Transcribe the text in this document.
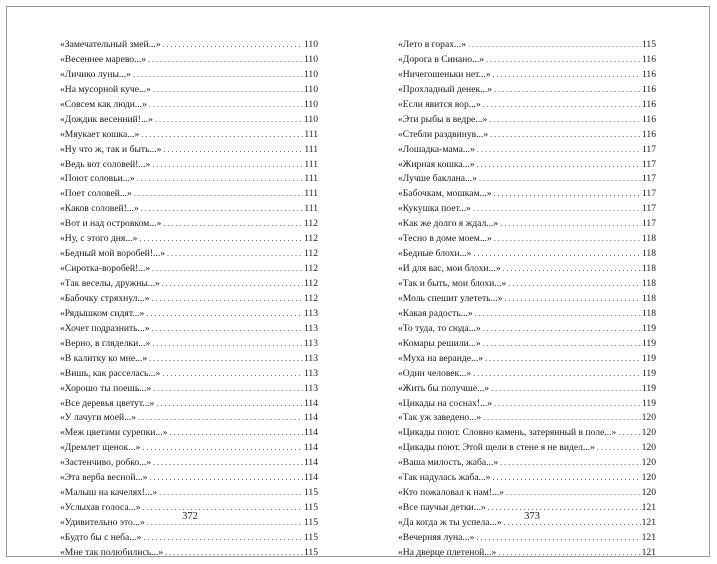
«Замечательный змей...» . . .	110
«Весеннее марево...» . . .	110
«Личико луны...» . . .	110
«На мусорной куче...» . . .	110
«Совсем как люди...» . . .	110
«Дождик весенний!...» . . .	110
«Мяукает кошка...» . . .	111
«Ну что ж, так и быть...» . . .	111
«Ведь вот соловей!...» . . .	111
«Поют соловьи...» . . .	111
«Поет соловей...» . . .	111
«Каков соловей!...» . . .	111
«Вот и над островком...» . . .	112
«Ну, с этого дня...» . . .	112
«Бедный мой воробей!...» . . .	112
«Сиротка-воробей!...» . . .	112
«Так веселы, дружны...» . . .	112
«Бабочку стряхнул...» . . .	112
«Рядышком сидят...» . . .	113
«Хочет подразнить...» . . .	113
«Верно, в гляделки...» . . .	113
«В калитку ко мне...» . . .	113
«Вишь, как расселась...» . . .	113
«Хорошо ты поешь...» . . .	113
«Все деревья цветут...» . . .	114
«У лачуги моей...» . . .	114
«Меж цветами сурепки...» . . .	114
«Дремлет щенок...» . . .	114
«Застенчиво, робко...» . . .	114
«Эта верба весной...» . . .	114
«Малыш на качелях!...» . . .	115
«Услыхав голоса...» . . .	115
«Удивительно это...» . . .	115
«Будто бы с неба...» . . .	115
«Мне так полюбились...» . . .	115
372
«Лето в горах...» . . .	115
«Дорога в Синано...» . . .	116
«Ничегошеньки нет...» . . .	116
«Прохладный денек...» . . .	116
«Если явится вор...» . . .	116
«Эти рыбы в ведре...» . . .	116
«Стебли раздвинув...» . . .	116
«Лошадка-мама...» . . .	117
«Жирная кошка...» . . .	117
«Лучше баклана...» . . .	117
«Бабочкам, мошкам...» . . .	117
«Кукушка поет...» . . .	117
«Как же долго я ждал...» . . .	117
«Тесно в доме моем...» . . .	118
«Бедные блохи...» . . .	118
«И для вас, мои блохи...» . . .	118
«Так и быть, мои блохи...» . . .	118
«Моль спешит улететь...» . . .	118
«Какая радость...» . . .	118
«То туда, то сюда...» . . .	119
«Комары решили...» . . .	119
«Муха на веранде...» . . .	119
«Один человек...» . . .	119
«Жить бы получше...» . . .	119
«Цикады на соснах!...» . . .	119
«Так уж заведено...» . . .	120
«Цикады поют. Словно камень, затерянный в поле...» . . .	120
«Цикады поют. Этой щели в стене я не видел...» . . .	120
«Ваша милость, жаба...» . . .	120
«Так надулась жаба...» . . .	120
«Кто пожаловал к нам!...» . . .	120
«Все паучьи детки...» . . .	121
«Да когда ж ты успела...» . . .	121
«Вечерняя луна...» . . .	121
«На дверце плетеной...» . . .	121
373
